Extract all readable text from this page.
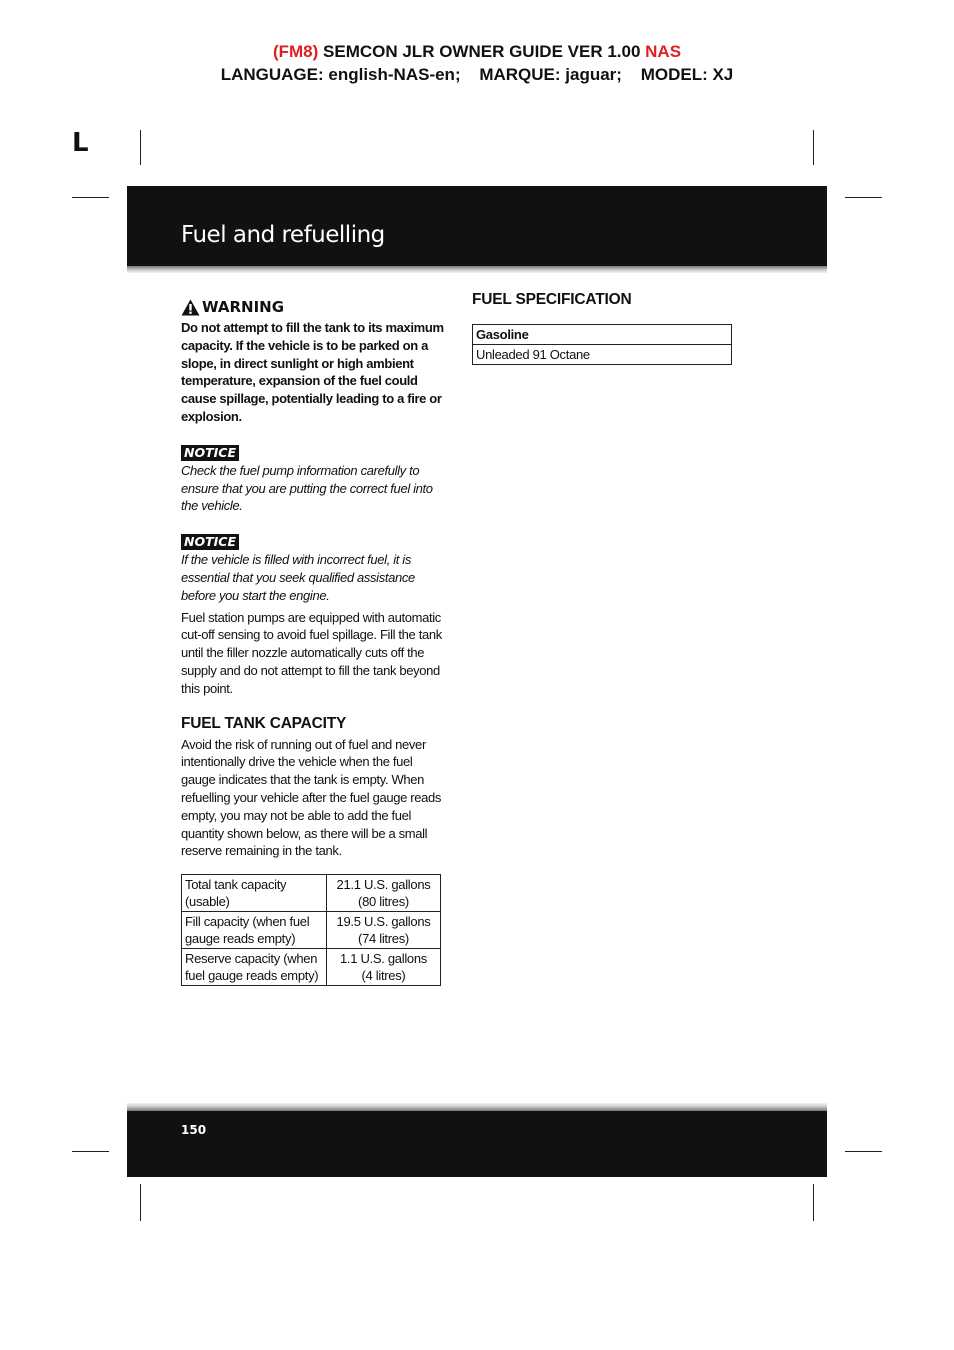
(FM8) SEMCON JLR OWNER GUIDE VER 1.00 NAS
LANGUAGE: english-NAS-en; MARQUE: jaguar; MODEL: XJ
L
Fuel and refuelling
WARNING

Do not attempt to fill the tank to its maximum capacity. If the vehicle is to be parked on a slope, in direct sunlight or high ambient temperature, expansion of the fuel could cause spillage, potentially leading to a fire or explosion.

NOTICE

Check the fuel pump information carefully to ensure that you are putting the correct fuel into the vehicle.

NOTICE

If the vehicle is filled with incorrect fuel, it is essential that you seek qualified assistance before you start the engine.

Fuel station pumps are equipped with automatic cut-off sensing to avoid fuel spillage. Fill the tank until the filler nozzle automatically cuts off the supply and do not attempt to fill the tank beyond this point.

FUEL TANK CAPACITY

Avoid the risk of running out of fuel and never intentionally drive the vehicle when the fuel gauge indicates that the tank is empty. When refuelling your vehicle after the fuel gauge reads empty, you may not be able to add the fuel quantity shown below, as there will be a small reserve remaining in the tank.

Total tank capacity
(usable)	21.1 U.S. gallons
(80 litres)
Fill capacity (when fuel
gauge reads empty)	19.5 U.S. gallons
(74 litres)
Reserve capacity (when
fuel gauge reads empty)	1.1 U.S. gallons
(4 litres)
FUEL SPECIFICATION
Gasoline
Unleaded 91 Octane
150
